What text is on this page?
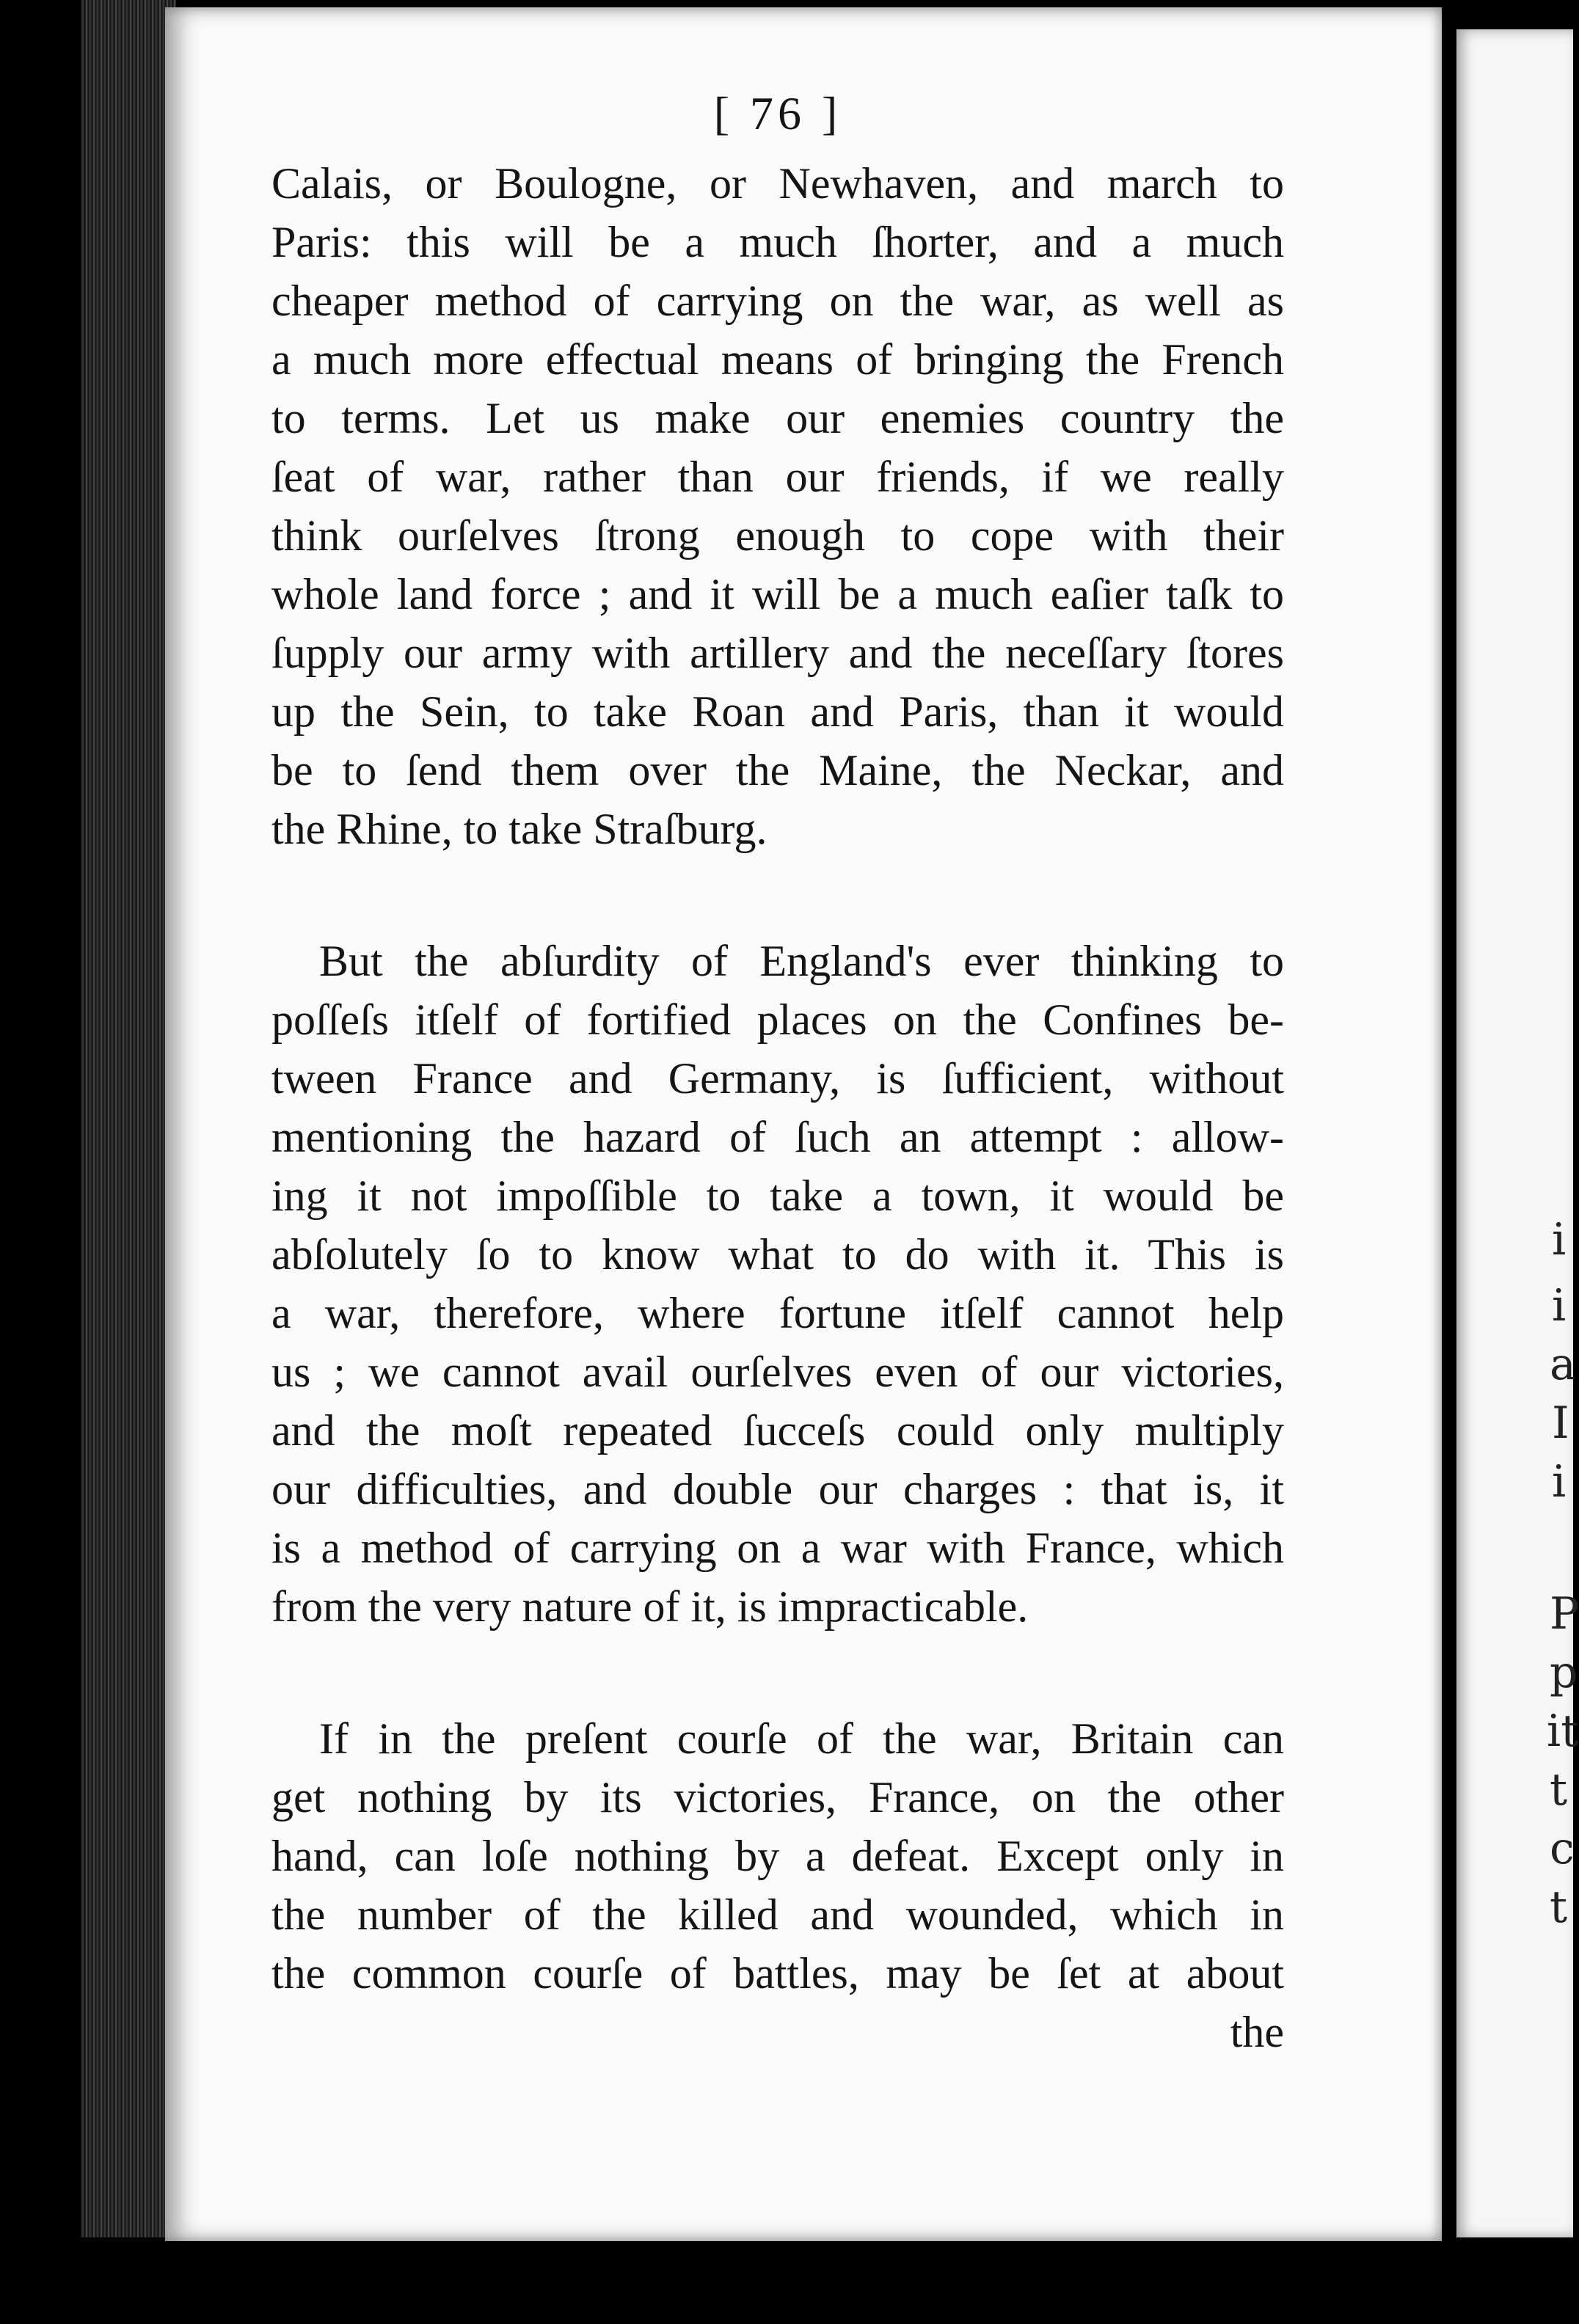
i
i
a
I
i
P
p
it
t
c
t
[ 76 ]
Calais, or Boulogne, or Newhaven, and march to
Paris: this will be a much ſhorter, and a much
cheaper method of carrying on the war, as well as
a much more effectual means of bringing the French
to terms. Let us make our enemies country the
ſeat of war, rather than our friends, if we really
think ourſelves ſtrong enough to cope with their
whole land force ; and it will be a much eaſier taſk to
ſupply our army with artillery and the neceſſary ſtores
up the Sein, to take Roan and Paris, than it would
be to ſend them over the Maine, the Neckar, and
the Rhine, to take Straſburg.
But the abſurdity of England's ever thinking to
poſſeſs itſelf of fortified places on the Confines be-
tween France and Germany, is ſufficient, without
mentioning the hazard of ſuch an attempt : allow-
ing it not impoſſible to take a town, it would be
abſolutely ſo to know what to do with it. This is
a war, therefore, where fortune itſelf cannot help
us ; we cannot avail ourſelves even of our victories,
and the moſt repeated ſucceſs could only multiply
our difficulties, and double our charges : that is, it
is a method of carrying on a war with France, which
from the very nature of it, is impracticable.
If in the preſent courſe of the war, Britain can
get nothing by its victories, France, on the other
hand, can loſe nothing by a defeat. Except only in
the number of the killed and wounded, which in
the common courſe of battles, may be ſet at about
the
